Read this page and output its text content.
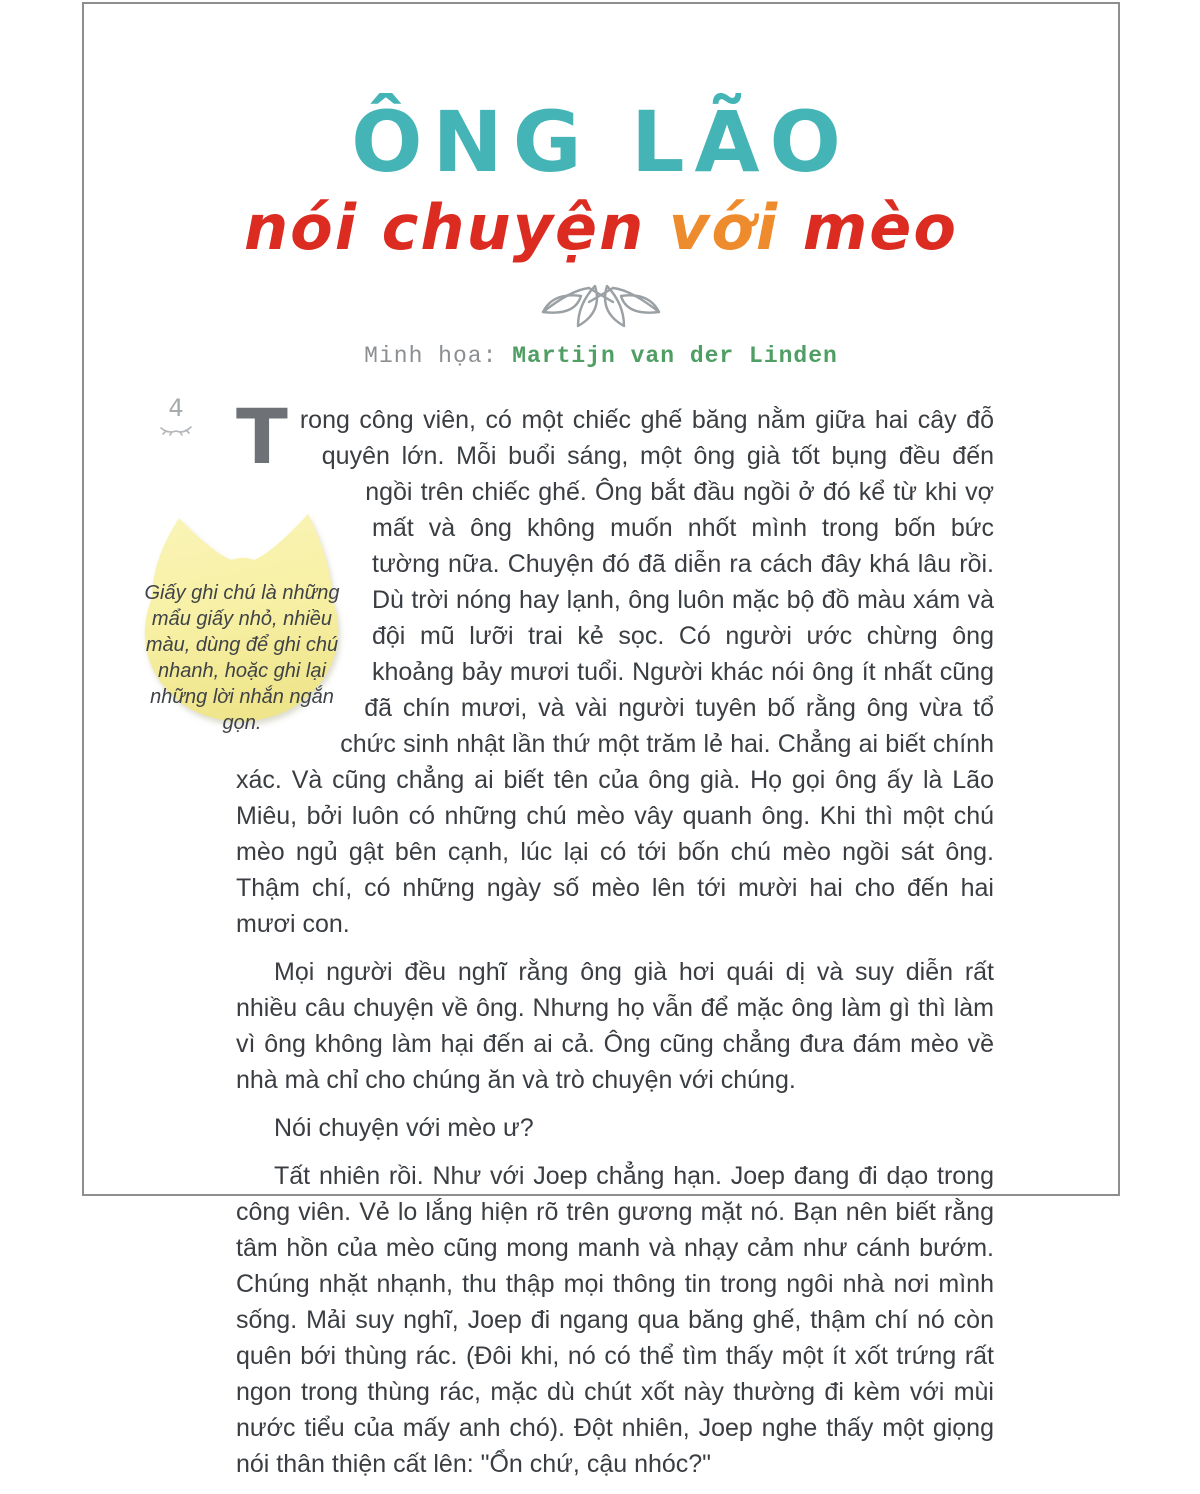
ÔNG LÃO
nói chuyện với mèo
Minh họa: Martijn van der Linden
4
Giấy ghi chú là những mẩu giấy nhỏ, nhiều màu, dùng để ghi chú nhanh, hoặc ghi lại những lời nhắn ngắn gọn.

Trong công viên, có một chiếc ghế băng nằm giữa hai cây đỗ quyên lớn. Mỗi buổi sáng, một ông già tốt bụng đều đến ngồi trên chiếc ghế. Ông bắt đầu ngồi ở đó kể từ khi vợ mất và ông không muốn nhốt mình trong bốn bức tường nữa. Chuyện đó đã diễn ra cách đây khá lâu rồi. Dù trời nóng hay lạnh, ông luôn mặc bộ đồ màu xám và đội mũ lưỡi trai kẻ sọc. Có người ước chừng ông khoảng bảy mươi tuổi. Người khác nói ông ít nhất cũng đã chín mươi, và vài người tuyên bố rằng ông vừa tổ chức sinh nhật lần thứ một trăm lẻ hai. Chẳng ai biết chính xác. Và cũng chẳng ai biết tên của ông già. Họ gọi ông ấy là Lão Miêu, bởi luôn có những chú mèo vây quanh ông. Khi thì một chú mèo ngủ gật bên cạnh, lúc lại có tới bốn chú mèo ngồi sát ông. Thậm chí, có những ngày số mèo lên tới mười hai cho đến hai mươi con.

Mọi người đều nghĩ rằng ông già hơi quái dị và suy diễn rất nhiều câu chuyện về ông. Nhưng họ vẫn để mặc ông làm gì thì làm vì ông không làm hại đến ai cả. Ông cũng chẳng đưa đám mèo về nhà mà chỉ cho chúng ăn và trò chuyện với chúng.

Nói chuyện với mèo ư?

Tất nhiên rồi. Như với Joep chẳng hạn. Joep đang đi dạo trong công viên. Vẻ lo lắng hiện rõ trên gương mặt nó. Bạn nên biết rằng tâm hồn của mèo cũng mong manh và nhạy cảm như cánh bướm. Chúng nhặt nhạnh, thu thập mọi thông tin trong ngôi nhà nơi mình sống. Mải suy nghĩ, Joep đi ngang qua băng ghế, thậm chí nó còn quên bới thùng rác. (Đôi khi, nó có thể tìm thấy một ít xốt trứng rất ngon trong thùng rác, mặc dù chút xốt này thường đi kèm với mùi nước tiểu của mấy anh chó). Đột nhiên, Joep nghe thấy một giọng nói thân thiện cất lên: "Ổn chứ, cậu nhóc?"
